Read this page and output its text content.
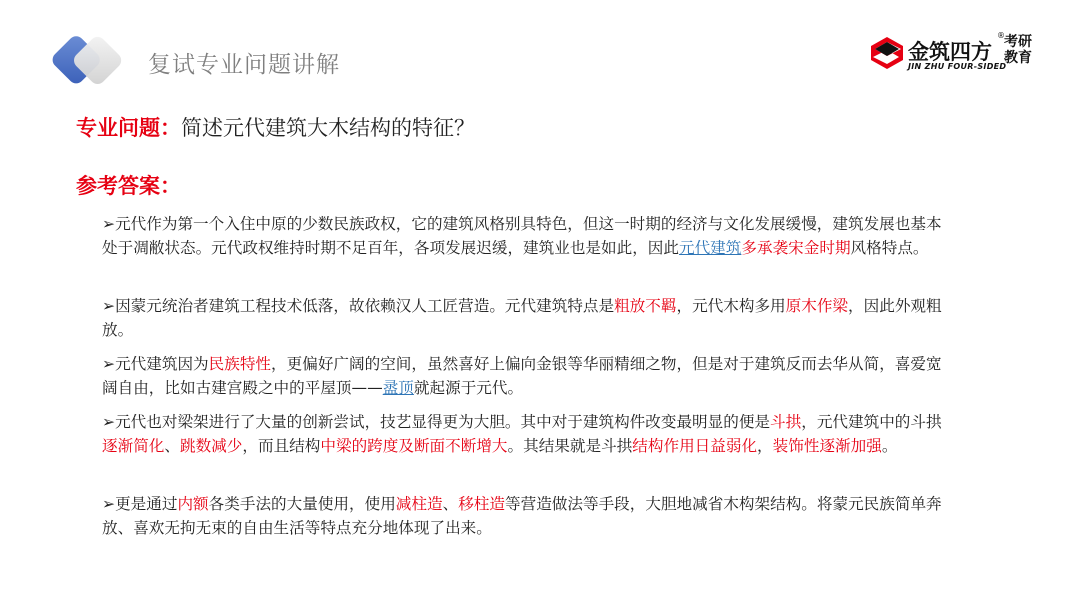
复试专业问题讲解	金筑四方
® 考研
教育
JIN ZHU FOUR-SIDED
专业问题：简述元代建筑大木结构的特征？
参考答案：
➢元代作为第一个入住中原的少数民族政权，它的建筑风格别具特色，但这一时期的经济与文化发展缓慢，建筑发展也基本处于凋敝状态。元代政权维持时期不足百年，各项发展迟缓，建筑业也是如此，因此元代建筑多承袭宋金时期风格特点。
➢因蒙元统治者建筑工程技术低落，故依赖汉人工匠营造。元代建筑特点是粗放不羁，元代木构多用原木作梁，因此外观粗放。
➢元代建筑因为民族特性，更偏好广阔的空间，虽然喜好上偏向金银等华丽精细之物，但是对于建筑反而去华从简，喜爱宽阔自由，比如古建宫殿之中的平屋顶——盝顶就起源于元代。
➢元代也对梁架进行了大量的创新尝试，技艺显得更为大胆。其中对于建筑构件改变最明显的便是斗拱，元代建筑中的斗拱逐渐简化、跳数减少，而且结构中梁的跨度及断面不断增大。其结果就是斗拱结构作用日益弱化，装饰性逐渐加强。
➢更是通过内额各类手法的大量使用，使用减柱造、移柱造等营造做法等手段，大胆地减省木构架结构。将蒙元民族简单奔放、喜欢无拘无束的自由生活等特点充分地体现了出来。
